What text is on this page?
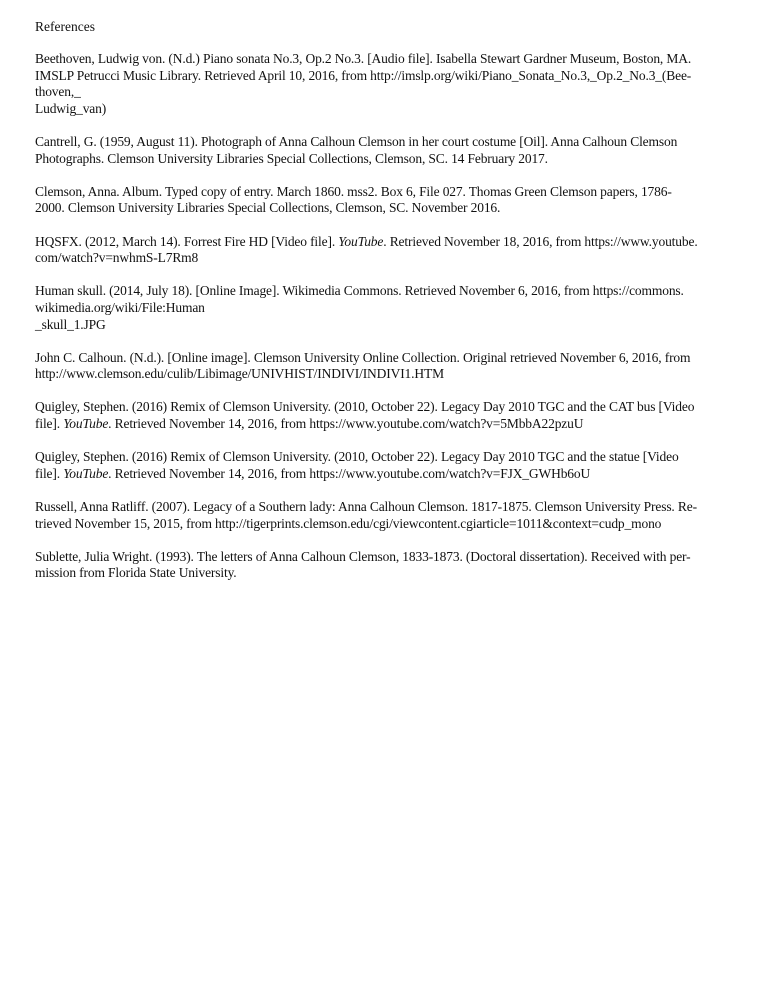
References
Beethoven, Ludwig von. (N.d.) Piano sonata No.3, Op.2 No.3. [Audio file]. Isabella Stewart Gardner Museum, Boston, MA.
IMSLP Petrucci Music Library. Retrieved April 10, 2016, from http://imslp.org/wiki/Piano_Sonata_No.3,_Op.2_No.3_(Bee-
thoven,_
Ludwig_van)
Cantrell, G. (1959, August 11). Photograph of Anna Calhoun Clemson in her court costume [Oil]. Anna Calhoun Clemson
Photographs. Clemson University Libraries Special Collections, Clemson, SC. 14 February 2017.
Clemson, Anna. Album. Typed copy of entry. March 1860. mss2. Box 6, File 027. Thomas Green Clemson papers, 1786-
2000. Clemson University Libraries Special Collections, Clemson, SC. November 2016.
HQSFX. (2012, March 14). Forrest Fire HD [Video file]. YouTube. Retrieved November 18, 2016, from https://www.youtube.
com/watch?v=nwhmS-L7Rm8
Human skull. (2014, July 18). [Online Image]. Wikimedia Commons. Retrieved November 6, 2016, from https://commons.
wikimedia.org/wiki/File:Human
_skull_1.JPG
John C. Calhoun. (N.d.). [Online image]. Clemson University Online Collection. Original retrieved November 6, 2016, from
http://www.clemson.edu/culib/Libimage/UNIVHIST/INDIVI/INDIVI1.HTM
Quigley, Stephen. (2016) Remix of Clemson University. (2010, October 22). Legacy Day 2010 TGC and the CAT bus [Video
file]. YouTube. Retrieved November 14, 2016, from https://www.youtube.com/watch?v=5MbbA22pzuU
Quigley, Stephen. (2016) Remix of Clemson University. (2010, October 22). Legacy Day 2010 TGC and the statue [Video
file]. YouTube. Retrieved November 14, 2016, from https://www.youtube.com/watch?v=FJX_GWHb6oU
Russell, Anna Ratliff. (2007). Legacy of a Southern lady: Anna Calhoun Clemson. 1817-1875. Clemson University Press. Re-
trieved November 15, 2015, from http://tigerprints.clemson.edu/cgi/viewcontent.cgiarticle=1011&context=cudp_mono
Sublette, Julia Wright. (1993). The letters of Anna Calhoun Clemson, 1833-1873. (Doctoral dissertation). Received with per-
mission from Florida State University.
